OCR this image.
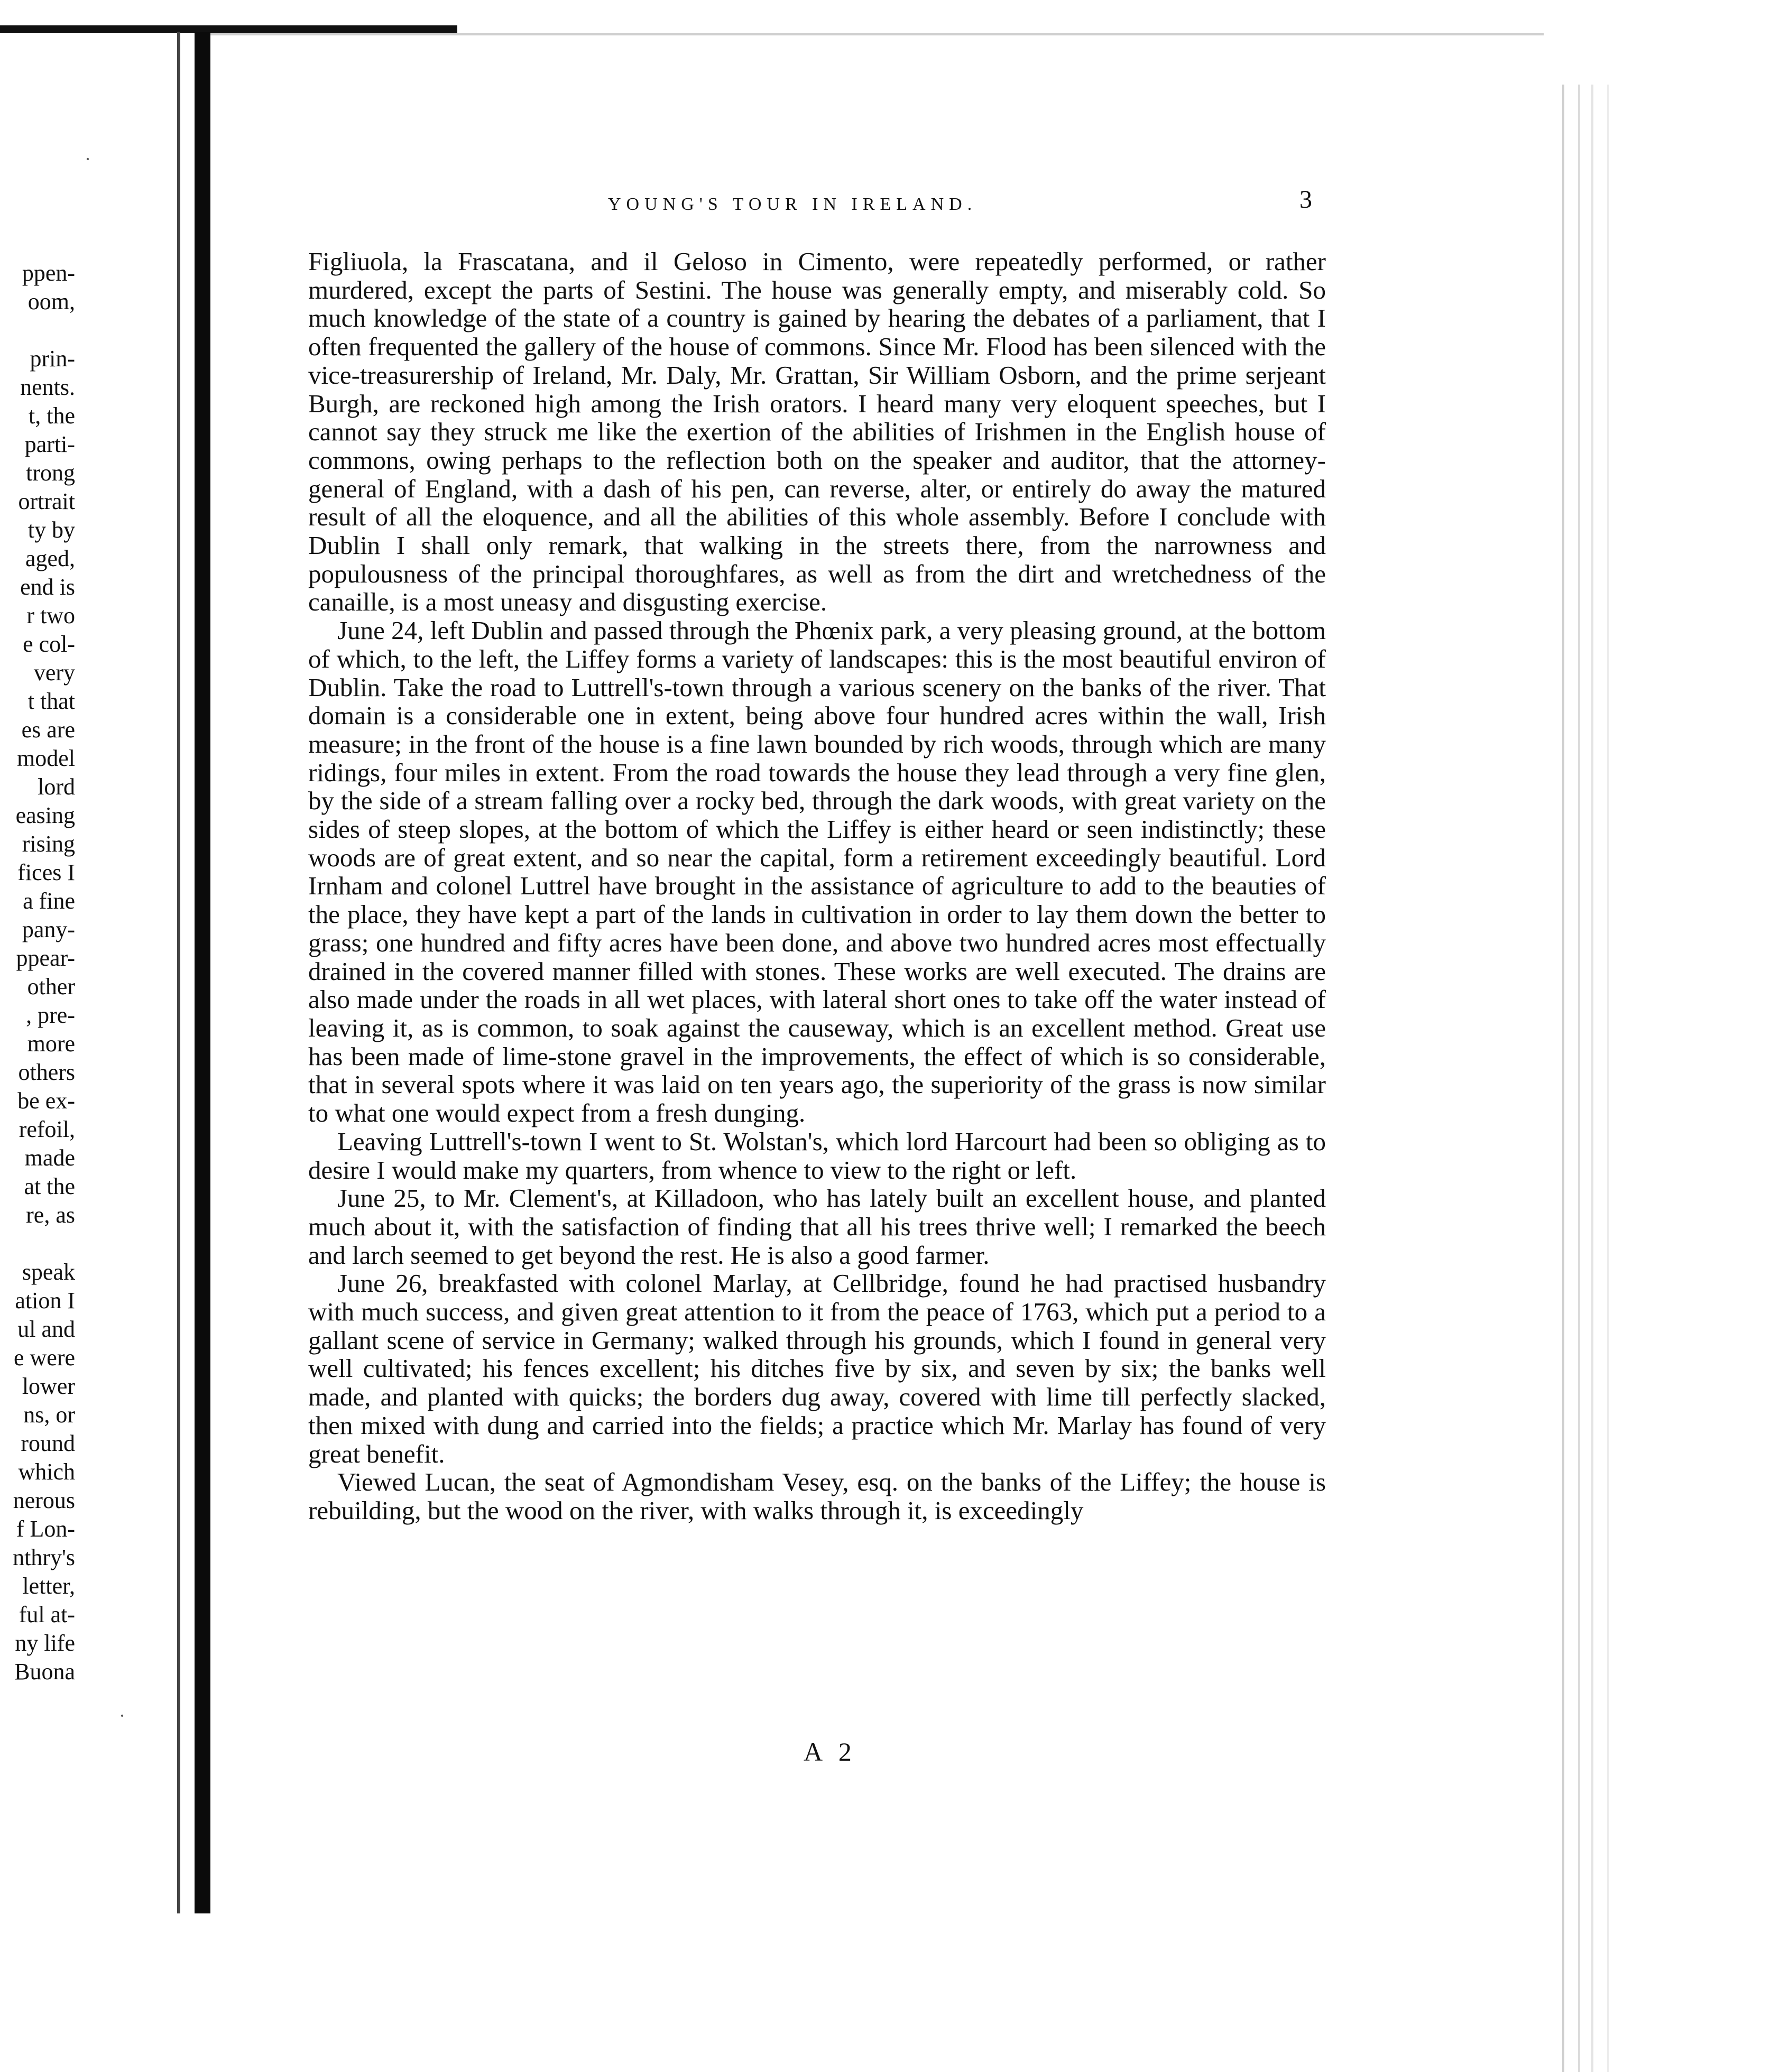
·
·
ppen-
oom,
prin-
nents.
t, the
parti-
trong
ortrait
ty by
aged,
end is
r two
e col-
very
t that
es are
model
lord
easing
rising
fices I
a fine
pany-
ppear-
other
, pre-
more
others
be ex-
refoil,
made
at the
re, as
speak
ation I
ul and
e were
lower
ns, or
round
which
nerous
f Lon-
nthry's
letter,
ful at-
ny life
Buona
YOUNG'S TOUR IN IRELAND.	3

Figliuola, la Frascatana, and il Geloso in Cimento, were repeatedly performed, or rather murdered, except the parts of Sestini. The house was generally empty, and miserably cold. So much knowledge of the state of a country is gained by hearing the debates of a parliament, that I often frequented the gallery of the house of commons. Since Mr. Flood has been silenced with the vice-treasurership of Ireland, Mr. Daly, Mr. Grattan, Sir William Osborn, and the prime serjeant Burgh, are reckoned high among the Irish orators. I heard many very eloquent speeches, but I cannot say they struck me like the exertion of the abilities of Irishmen in the English house of commons, owing perhaps to the reflection both on the speaker and auditor, that the attorney-general of England, with a dash of his pen, can reverse, alter, or entirely do away the matured result of all the eloquence, and all the abilities of this whole assembly. Before I conclude with Dublin I shall only remark, that walking in the streets there, from the narrowness and populousness of the principal thoroughfares, as well as from the dirt and wretchedness of the canaille, is a most uneasy and disgusting exercise.

June 24, left Dublin and passed through the Phœnix park, a very pleasing ground, at the bottom of which, to the left, the Liffey forms a variety of landscapes: this is the most beautiful environ of Dublin. Take the road to Luttrell's-town through a various scenery on the banks of the river. That domain is a considerable one in extent, being above four hundred acres within the wall, Irish measure; in the front of the house is a fine lawn bounded by rich woods, through which are many ridings, four miles in extent. From the road towards the house they lead through a very fine glen, by the side of a stream falling over a rocky bed, through the dark woods, with great variety on the sides of steep slopes, at the bottom of which the Liffey is either heard or seen indistinctly; these woods are of great extent, and so near the capital, form a retirement exceedingly beautiful. Lord Irnham and colonel Luttrel have brought in the assistance of agriculture to add to the beauties of the place, they have kept a part of the lands in cultivation in order to lay them down the better to grass; one hundred and fifty acres have been done, and above two hundred acres most effectually drained in the covered manner filled with stones. These works are well executed. The drains are also made under the roads in all wet places, with lateral short ones to take off the water instead of leaving it, as is common, to soak against the causeway, which is an excellent method. Great use has been made of lime-stone gravel in the improvements, the effect of which is so considerable, that in several spots where it was laid on ten years ago, the superiority of the grass is now similar to what one would expect from a fresh dunging.

Leaving Luttrell's-town I went to St. Wolstan's, which lord Harcourt had been so obliging as to desire I would make my quarters, from whence to view to the right or left.

June 25, to Mr. Clement's, at Killadoon, who has lately built an excellent house, and planted much about it, with the satisfaction of finding that all his trees thrive well; I remarked the beech and larch seemed to get beyond the rest. He is also a good farmer.

June 26, breakfasted with colonel Marlay, at Cellbridge, found he had practised husbandry with much success, and given great attention to it from the peace of 1763, which put a period to a gallant scene of service in Germany; walked through his grounds, which I found in general very well cultivated; his fences excellent; his ditches five by six, and seven by six; the banks well made, and planted with quicks; the borders dug away, covered with lime till perfectly slacked, then mixed with dung and carried into the fields; a practice which Mr. Marlay has found of very great benefit.

Viewed Lucan, the seat of Agmondisham Vesey, esq. on the banks of the Liffey; the house is rebuilding, but the wood on the river, with walks through it, is exceedingly

A 2
